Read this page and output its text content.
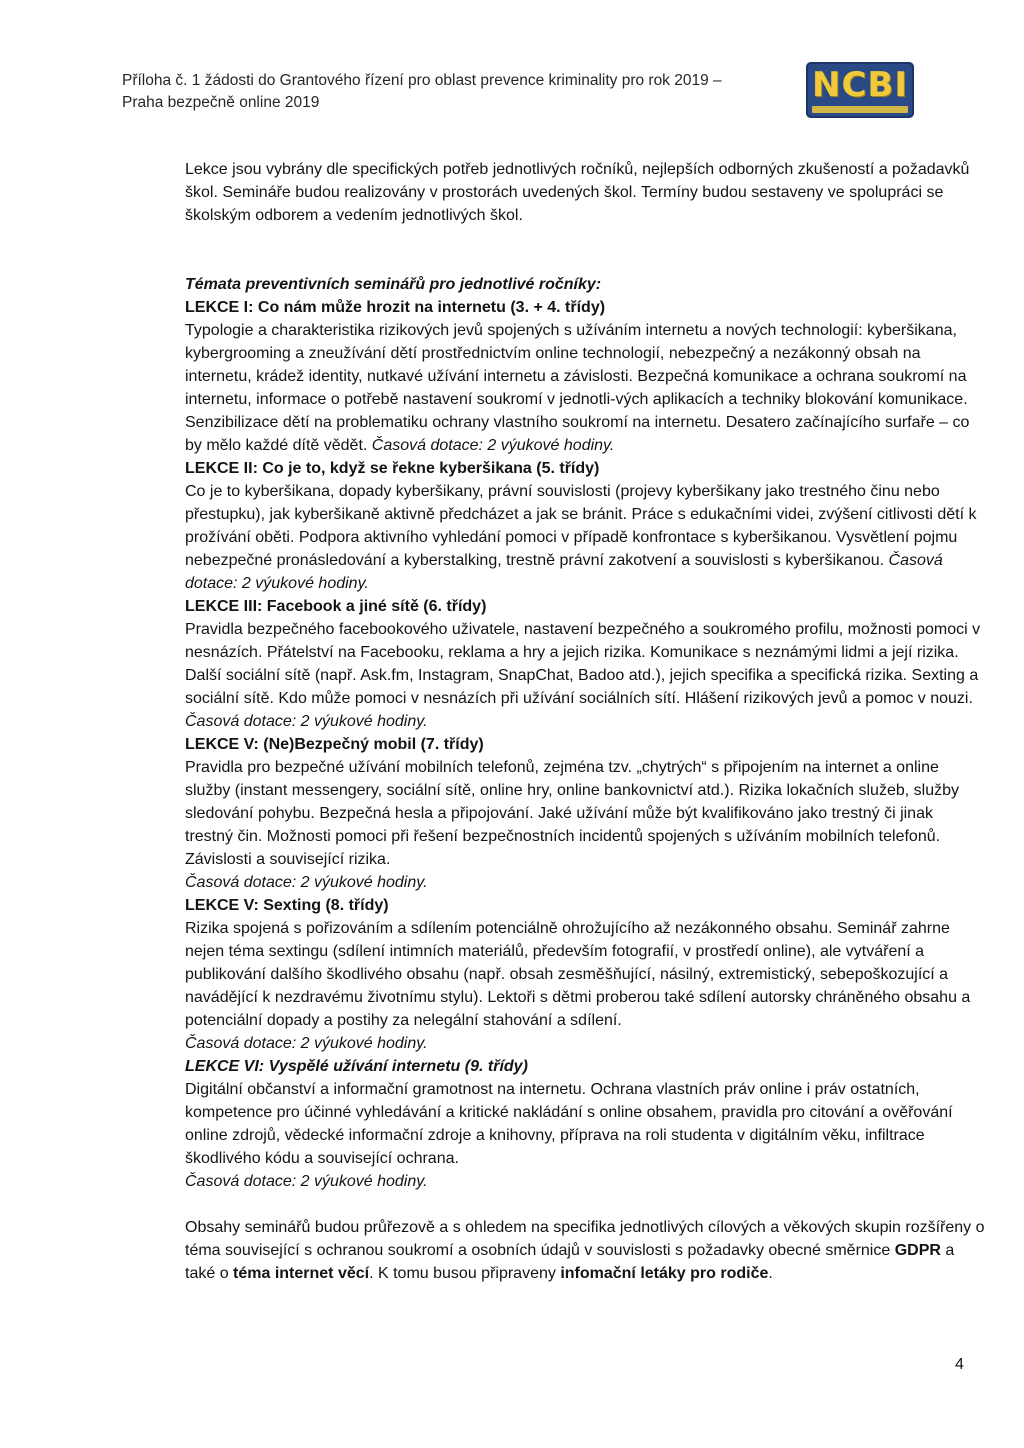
Příloha č. 1 žádosti do Grantového řízení pro oblast prevence kriminality pro rok 2019 –
Praha bezpečně online 2019	NCBI

Lekce jsou vybrány dle specifických potřeb jednotlivých ročníků, nejlepších odborných zkušeností a požadavků škol. Semináře budou realizovány v prostorách uvedených škol. Termíny budou sestaveny ve spolupráci se školským odborem a vedením jednotlivých škol.

Témata preventivních seminářů pro jednotlivé ročníky:

LEKCE I: Co nám může hrozit na internetu (3. + 4. třídy)

Typologie a charakteristika rizikových jevů spojených s užíváním internetu a nových technologií: kyberšikana, kybergrooming a zneužívání dětí prostřednictvím online technologií, nebezpečný a nezákonný obsah na internetu, krádež identity, nutkavé užívání internetu a závislosti. Bezpečná komunikace a ochrana soukromí na internetu, informace o potřebě nastavení soukromí v jednotli-vých aplikacích a techniky blokování komunikace. Senzibilizace dětí na problematiku ochrany vlastního soukromí na internetu. Desatero začínajícího surfaře – co by mělo každé dítě vědět. Časová dotace: 2 výukové hodiny.

LEKCE II: Co je to, když se řekne kyberšikana (5. třídy)

Co je to kyberšikana, dopady kyberšikany, právní souvislosti (projevy kyberšikany jako trestného činu nebo přestupku), jak kyberšikaně aktivně předcházet a jak se bránit. Práce s edukačními videi, zvýšení citlivosti dětí k prožívání oběti. Podpora aktivního vyhledání pomoci v případě konfrontace s kyberšikanou. Vysvětlení pojmu nebezpečné pronásledování a kyberstalking, trestně právní zakotvení a souvislosti s kyberšikanou. Časová dotace: 2 výukové hodiny.

LEKCE III: Facebook a jiné sítě (6. třídy)

Pravidla bezpečného facebookového uživatele, nastavení bezpečného a soukromého profilu, možnosti pomoci v nesnázích. Přátelství na Facebooku, reklama a hry a jejich rizika. Komunikace s neznámými lidmi a její rizika. Další sociální sítě (např. Ask.fm, Instagram, SnapChat, Badoo atd.), jejich specifika a specifická rizika. Sexting a sociální sítě. Kdo může pomoci v nesnázích při užívání sociálních sítí. Hlášení rizikových jevů a pomoc v nouzi. Časová dotace: 2 výukové hodiny.

LEKCE V: (Ne)Bezpečný mobil (7. třídy)

Pravidla pro bezpečné užívání mobilních telefonů, zejména tzv. „chytrých“ s připojením na internet a online služby (instant messengery, sociální sítě, online hry, online bankovnictví atd.). Rizika lokačních služeb, služby sledování pohybu. Bezpečná hesla a připojování. Jaké užívání může být kvalifikováno jako trestný či jinak trestný čin. Možnosti pomoci při řešení bezpečnostních incidentů spojených s užíváním mobilních telefonů. Závislosti a související rizika.

Časová dotace: 2 výukové hodiny.

LEKCE V: Sexting (8. třídy)

Rizika spojená s pořizováním a sdílením potenciálně ohrožujícího až nezákonného obsahu. Seminář zahrne nejen téma sextingu (sdílení intimních materiálů, především fotografií, v prostředí online), ale vytváření a publikování dalšího škodlivého obsahu (např. obsah zesměšňující, násilný, extremistický, sebepoškozující a navádějící k nezdravému životnímu stylu). Lektoři s dětmi proberou také sdílení autorsky chráněného obsahu a potenciální dopady a postihy za nelegální stahování a sdílení.

Časová dotace: 2 výukové hodiny.

LEKCE VI: Vyspělé užívání internetu (9. třídy)

Digitální občanství a informační gramotnost na internetu. Ochrana vlastních práv online i práv ostatních, kompetence pro účinné vyhledávání a kritické nakládání s online obsahem, pravidla pro citování a ověřování online zdrojů, vědecké informační zdroje a knihovny, příprava na roli studenta v digitálním věku, infiltrace škodlivého kódu a související ochrana.

Časová dotace: 2 výukové hodiny.

Obsahy seminářů budou průřezově a s ohledem na specifika jednotlivých cílových a věkových skupin rozšířeny o téma související s ochranou soukromí a osobních údajů v souvislosti s požadavky obecné směrnice GDPR a také o téma internet věcí. K tomu busou připraveny infomační letáky pro rodiče.

4
